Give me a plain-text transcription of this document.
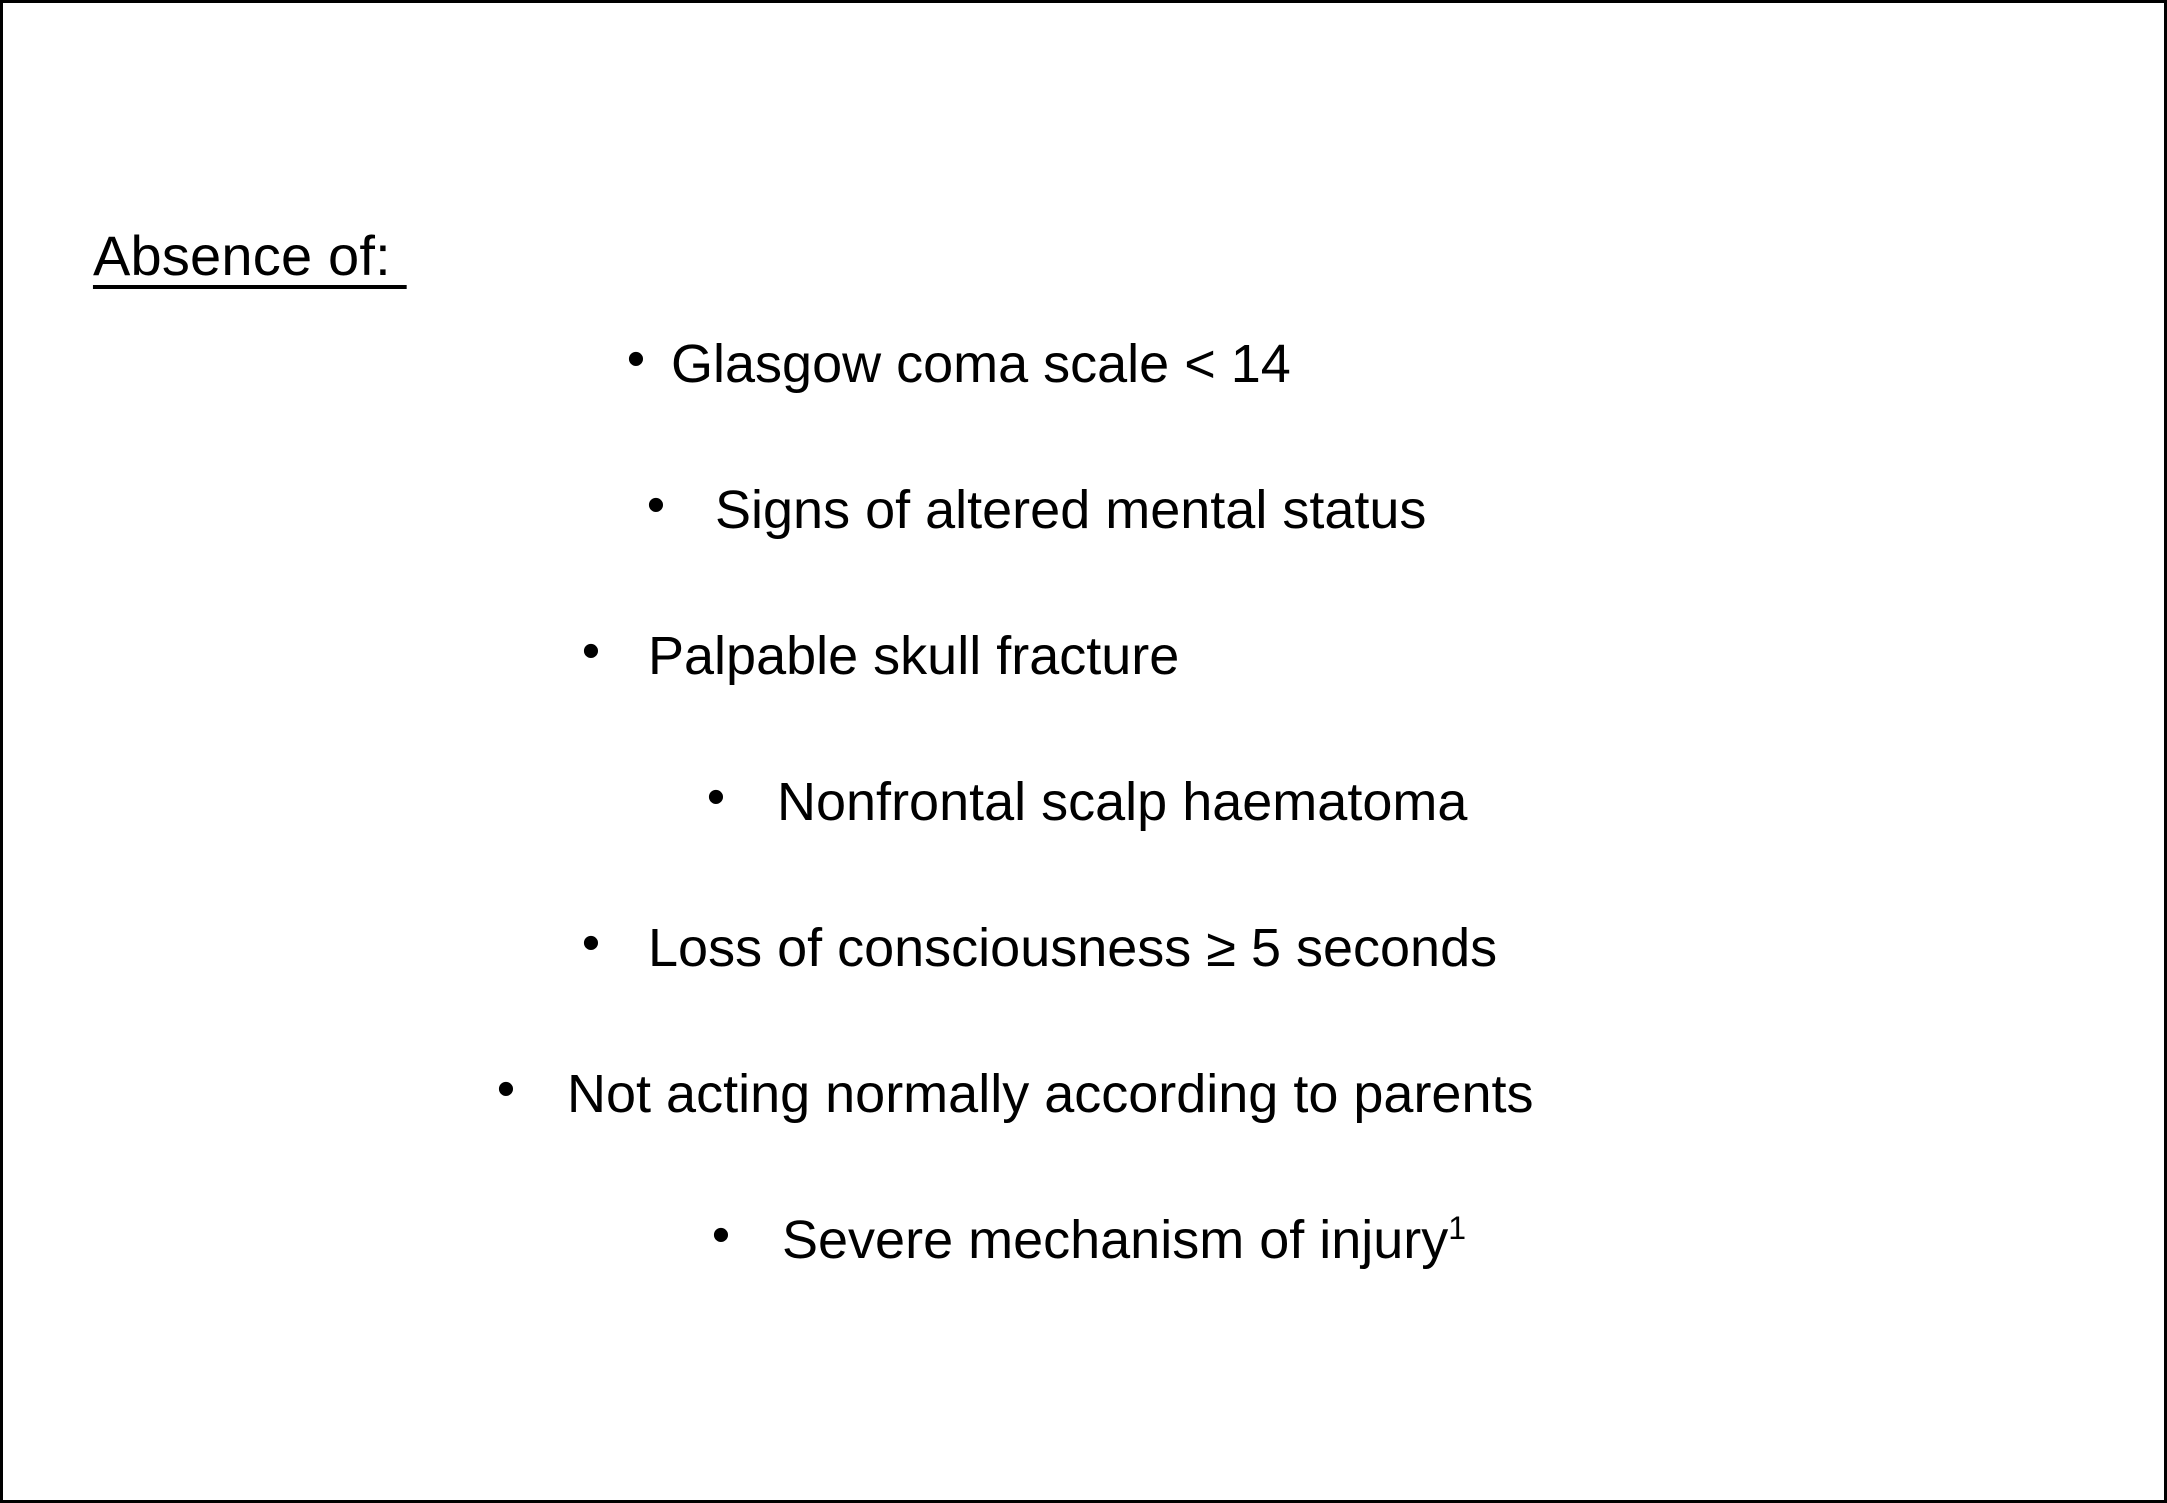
Absence of:

• Glasgow coma scale < 14
• Signs of altered mental status
• Palpable skull fracture
• Nonfrontal scalp haematoma
• Loss of consciousness ≥ 5 seconds
• Not acting normally according to parents
• Severe mechanism of injury$^1$
